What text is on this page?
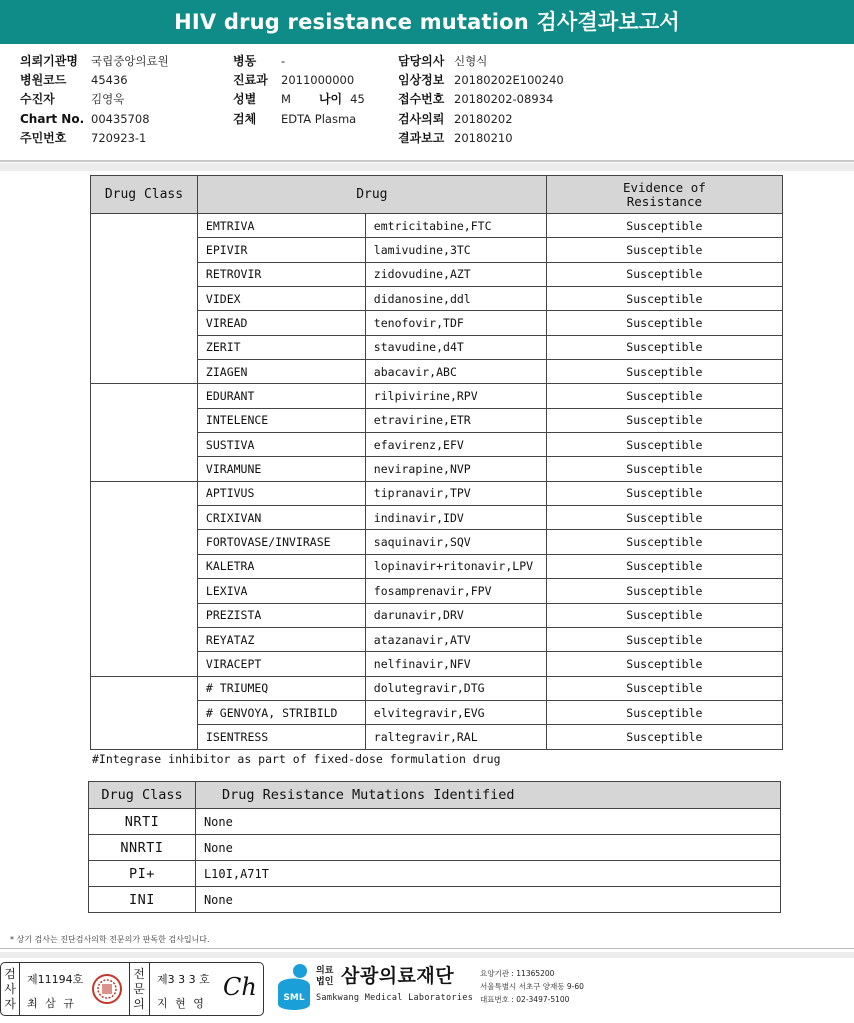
HIV drug resistance mutation 검사결과보고서
의뢰기관명 국립중앙의료원
병원코드 45436
수진자	김영욱
Chart No. 00435708
주민번호 720923-1
병동 -
진료과 2011000000
성별 M 나이 45
검체 EDTA Plasma
담당의사 신형식
임상정보 20180202E100240
접수번호 20180202-08934
검사의뢰 20180202
결과보고 20180210
Drug Class	Drug		Evidence of
Resistance
	EMTRIVA	emtricitabine,FTC	Susceptible
	EPIVIR	lamivudine,3TC	Susceptible
	RETROVIR	zidovudine,AZT	Susceptible
	VIDEX	didanosine,ddl	Susceptible
	VIREAD	tenofovir,TDF	Susceptible
	ZERIT	stavudine,d4T	Susceptible
	ZIAGEN	abacavir,ABC	Susceptible
	EDURANT	rilpivirine,RPV	Susceptible
	INTELENCE	etravirine,ETR	Susceptible
	SUSTIVA	efavirenz,EFV	Susceptible
	VIRAMUNE	nevirapine,NVP	Susceptible
	APTIVUS	tipranavir,TPV	Susceptible
	CRIXIVAN	indinavir,IDV	Susceptible
	FORTOVASE/INVIRASE	saquinavir,SQV	Susceptible
	KALETRA	lopinavir+ritonavir,LPV	Susceptible
	LEXIVA	fosamprenavir,FPV	Susceptible
	PREZISTA	darunavir,DRV	Susceptible
	REYATAZ	atazanavir,ATV	Susceptible
	VIRACEPT	nelfinavir,NFV	Susceptible
	# TRIUMEQ	dolutegravir,DTG	Susceptible
	# GENVOYA, STRIBILD	elvitegravir,EVG	Susceptible
	ISENTRESS	raltegravir,RAL	Susceptible
#Integrase inhibitor as part of fixed-dose formulation drug
Drug Class	Drug Resistance Mutations Identified
NRTI	None
NNRTI	None
PI+	L10I,A71T
INI	None
* 상기 검사는 진단검사의학 전문의가 판독한 검사입니다.
검사자
제11194호
최 삼 규
전문의
제3 3 3 호
지 현 영
Ch	SML
의료
법인 삼광의료재단
Samkwang Medical Laboratories
요양기관 : 11365200
서울특별시 서초구 양재동 9-60
대표번호 : 02-3497-5100
